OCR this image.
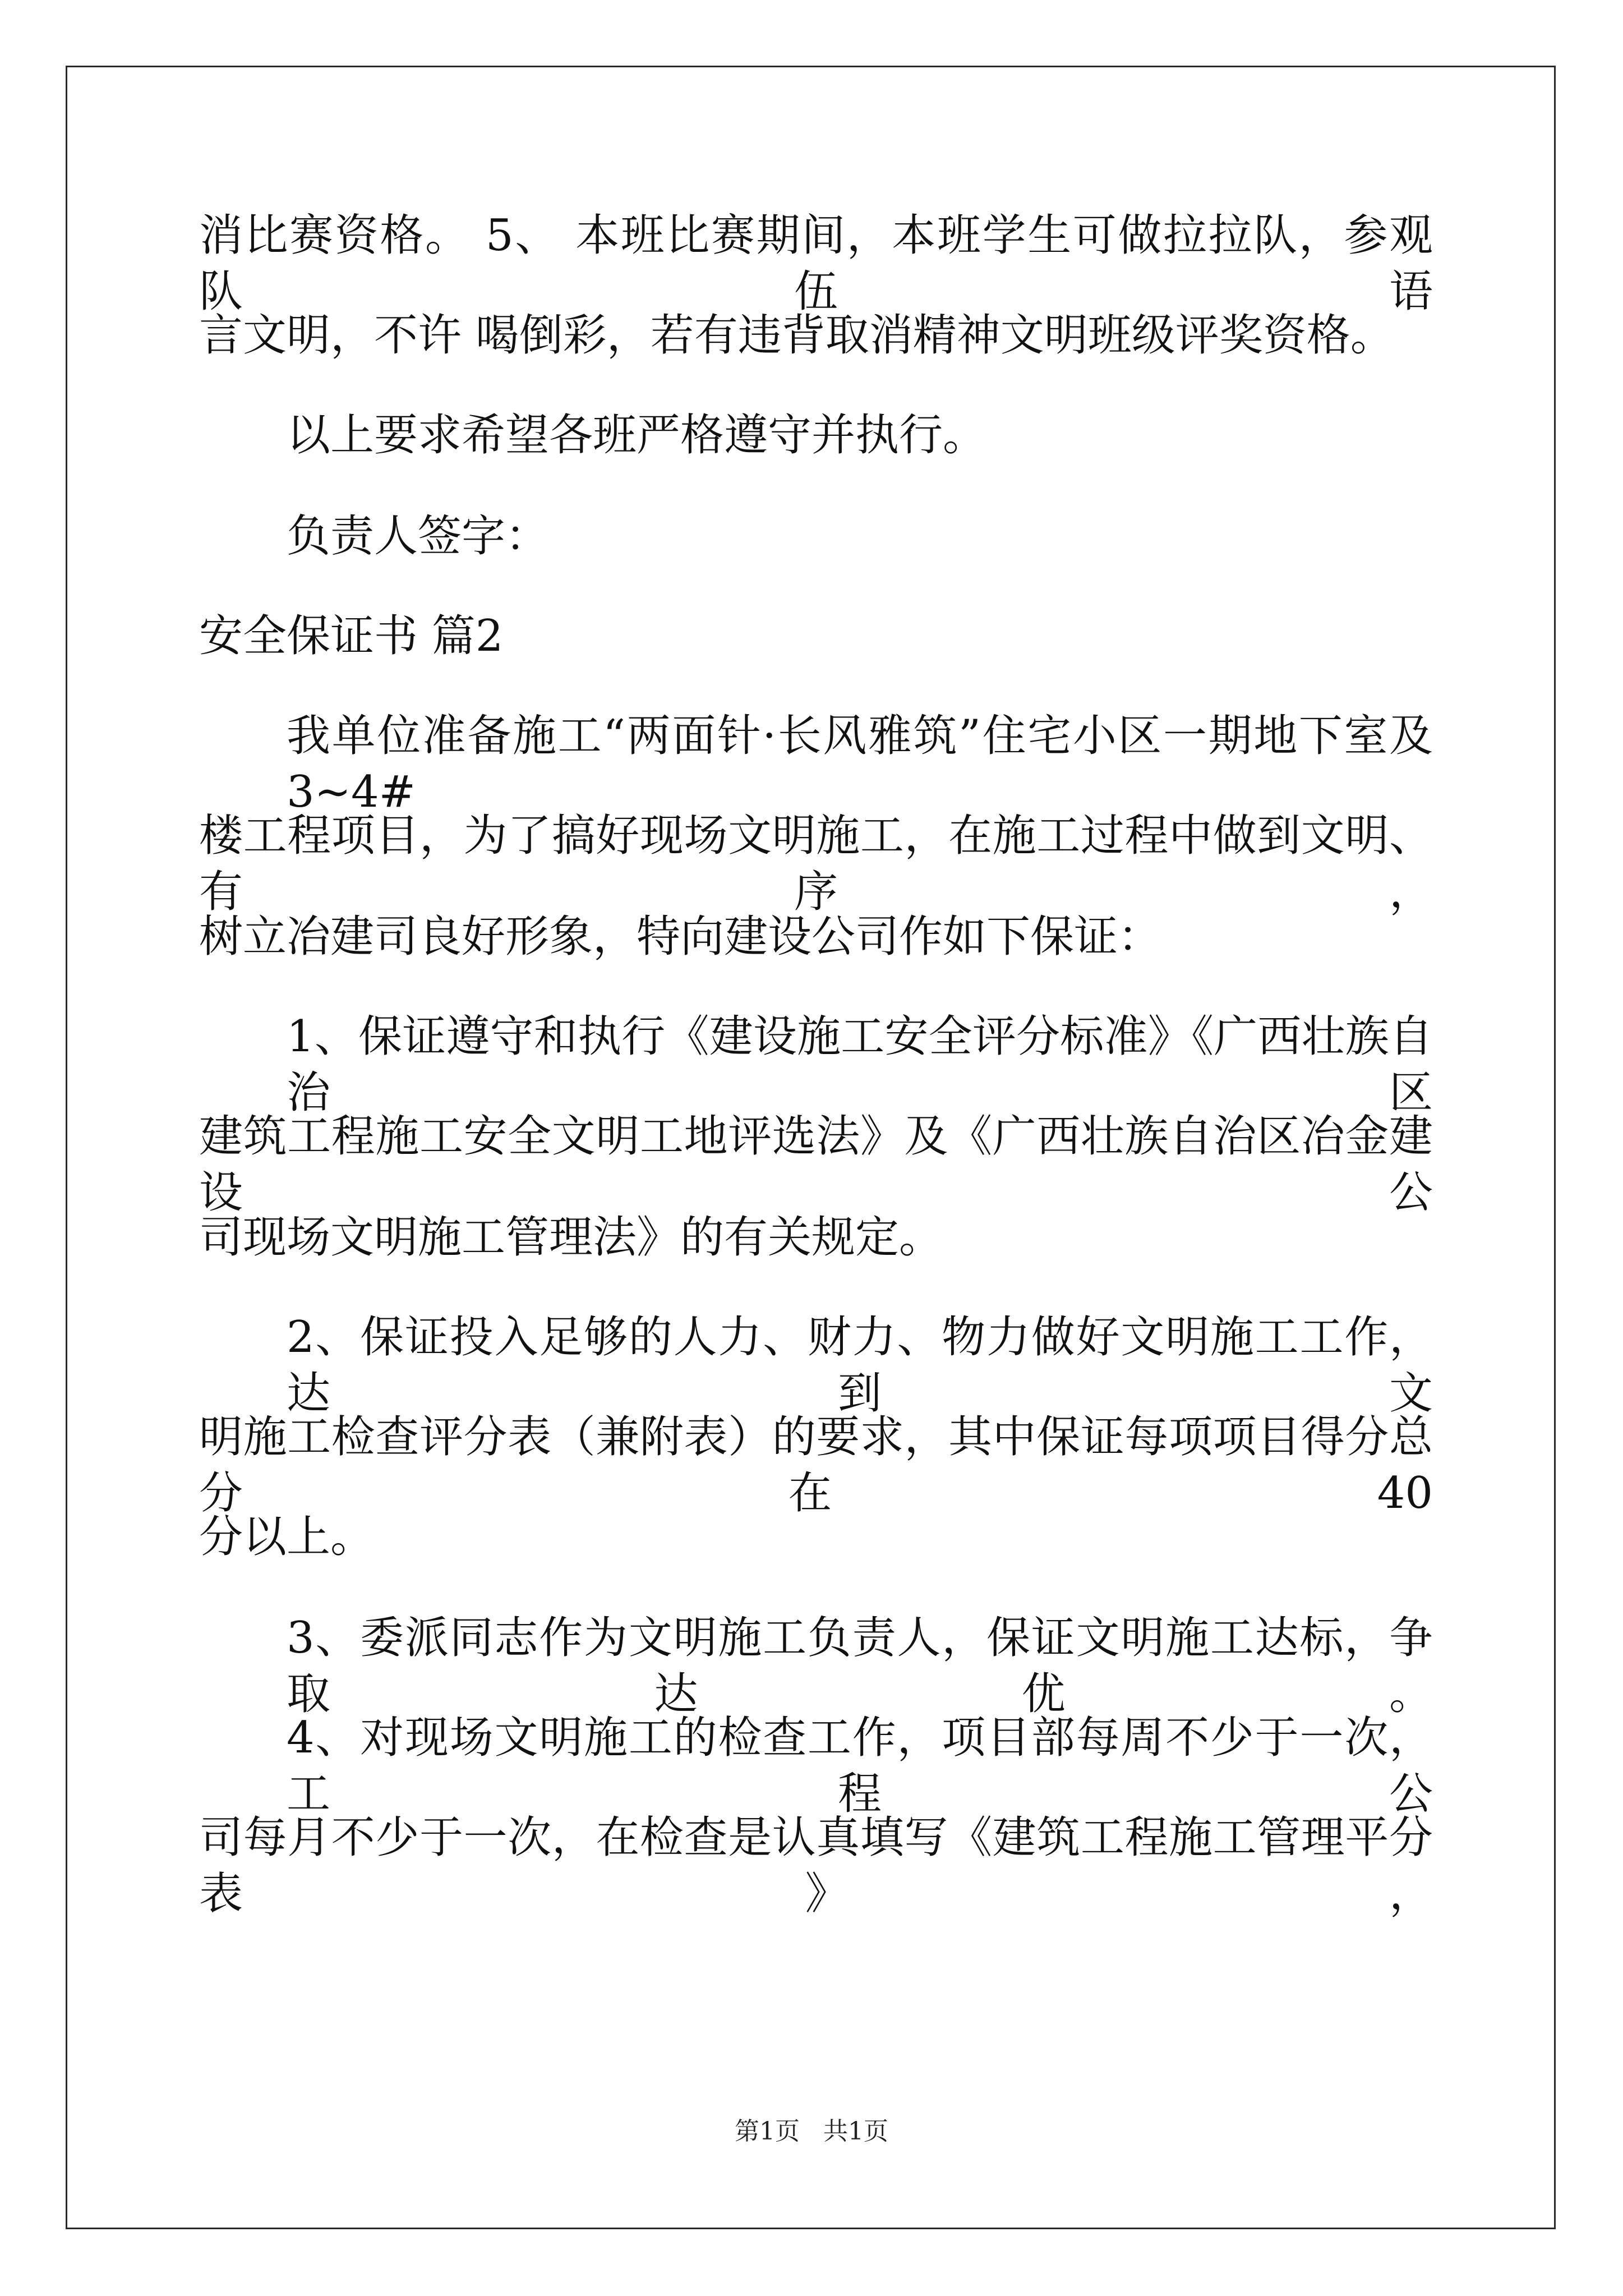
消比赛资格。 5、 本班比赛期间，本班学生可做拉拉队，参观队伍语
言文明，不许 喝倒彩，若有违背取消精神文明班级评奖资格。
以上要求希望各班严格遵守并执行。
负责人签字：
安全保证书 篇2
我单位准备施工“两面针·长风雅筑”住宅小区一期地下室及3~4#
楼工程项目，为了搞好现场文明施工，在施工过程中做到文明、有序，
树立冶建司良好形象，特向建设公司作如下保证：
1、保证遵守和执行《建设施工安全评分标准》《广西壮族自治区
建筑工程施工安全文明工地评选法》及《广西壮族自治区冶金建设公
司现场文明施工管理法》的有关规定。
2、保证投入足够的人力、财力、物力做好文明施工工作，达到文
明施工检查评分表（兼附表）的要求，其中保证每项项目得分总分在40
分以上。
3、委派同志作为文明施工负责人，保证文明施工达标，争取达优。
4、对现场文明施工的检查工作，项目部每周不少于一次，工程公
司每月不少于一次，在检查是认真填写《建筑工程施工管理平分表》，
第1页 共1页
